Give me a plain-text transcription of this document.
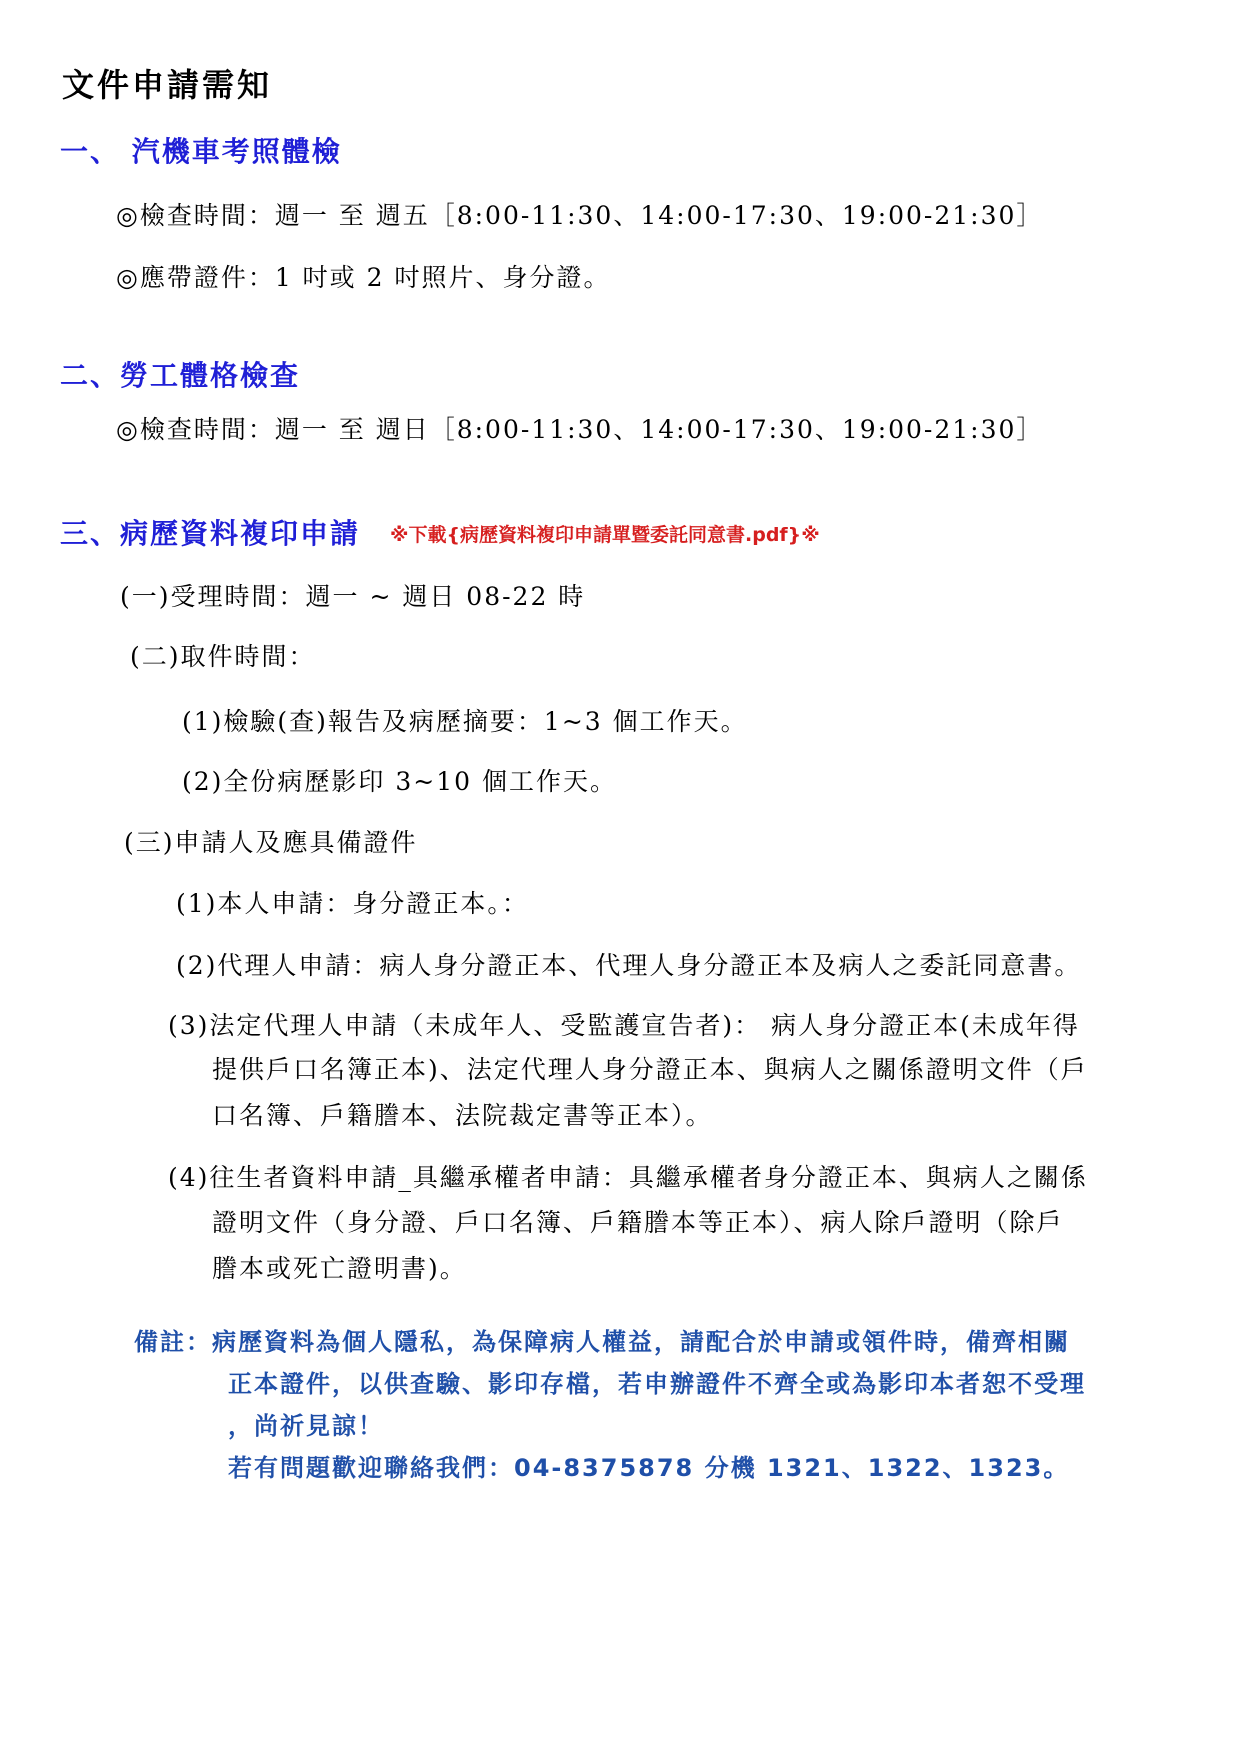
文件申請需知
一、 汽機車考照體檢
◎檢查時間：週一 至 週五［8:00-11:30、14:00-17:30、19:00-21:30］
◎應帶證件：1 吋或 2 吋照片、身分證。
二、勞工體格檢查
◎檢查時間：週一 至 週日［8:00-11:30、14:00-17:30、19:00-21:30］
三、病歷資料複印申請 ※下載{病歷資料複印申請單暨委託同意書.pdf}※
(一)受理時間：週一 ~ 週日 08-22 時
(二)取件時間：
(1)檢驗(查)報告及病歷摘要：1~3 個工作天。
(2)全份病歷影印 3~10 個工作天。
(三)申請人及應具備證件
(1)本人申請：身分證正本。：
(2)代理人申請：病人身分證正本、代理人身分證正本及病人之委託同意書。
(3)法定代理人申請（未成年人、受監護宣告者)： 病人身分證正本(未成年得
提供戶口名簿正本)、法定代理人身分證正本、與病人之關係證明文件（戶
口名簿、戶籍謄本、法院裁定書等正本）。
(4)往生者資料申請_具繼承權者申請：具繼承權者身分證正本、與病人之關係
證明文件（身分證、戶口名簿、戶籍謄本等正本）、病人除戶證明（除戶
謄本或死亡證明書)。
備註：病歷資料為個人隱私，為保障病人權益，請配合於申請或領件時，備齊相關
正本證件，以供查驗、影印存檔，若申辦證件不齊全或為影印本者恕不受理
，尚祈見諒！
若有問題歡迎聯絡我們：04-8375878 分機 1321、1322、1323。
